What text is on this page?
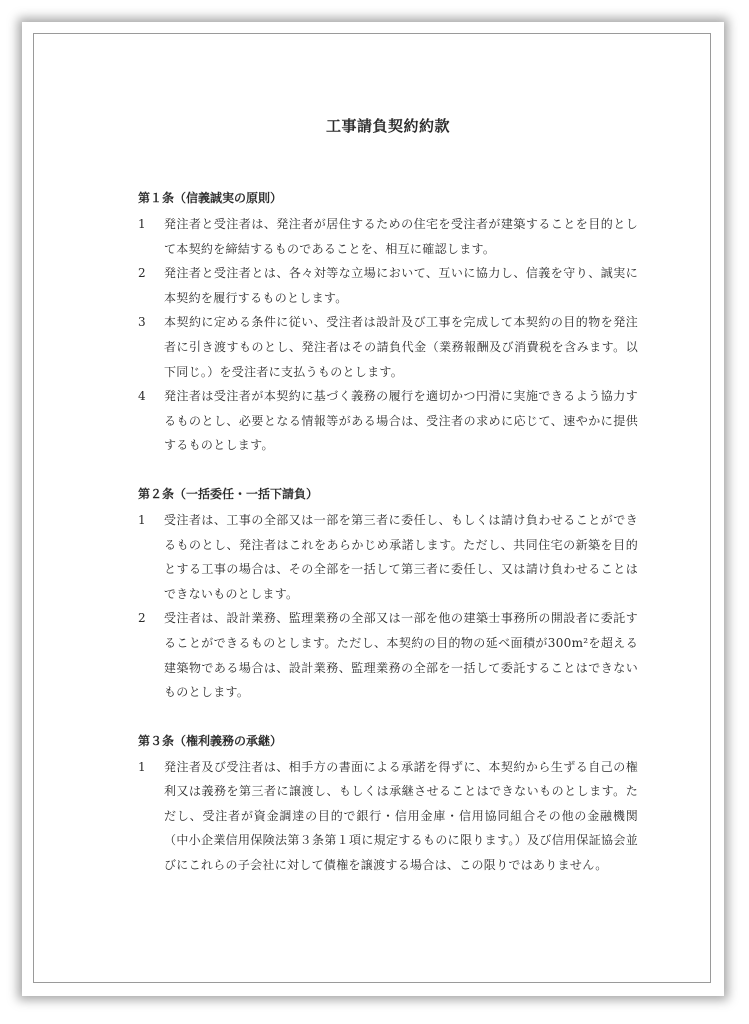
工事請負契約約款
第１条（信義誠実の原則）

1	発注者と受注者は、発注者が居住するための住宅を受注者が建築することを目的として本契約を締結するものであることを、相互に確認します。

2	発注者と受注者とは、各々対等な立場において、互いに協力し、信義を守り、誠実に本契約を履行するものとします。

3	本契約に定める条件に従い、受注者は設計及び工事を完成して本契約の目的物を発注者に引き渡すものとし、発注者はその請負代金（業務報酬及び消費税を含みます。以下同じ。）を受注者に支払うものとします。

4	発注者は受注者が本契約に基づく義務の履行を適切かつ円滑に実施できるよう協力するものとし、必要となる情報等がある場合は、受注者の求めに応じて、速やかに提供するものとします。

第２条（一括委任・一括下請負）

1	受注者は、工事の全部又は一部を第三者に委任し、もしくは請け負わせることができるものとし、発注者はこれをあらかじめ承諾します。ただし、共同住宅の新築を目的とする工事の場合は、その全部を一括して第三者に委任し、又は請け負わせることはできないものとします。

2	受注者は、設計業務、監理業務の全部又は一部を他の建築士事務所の開設者に委託することができるものとします。ただし、本契約の目的物の延べ面積が300m²を超える建築物である場合は、設計業務、監理業務の全部を一括して委託することはできないものとします。

第３条（権利義務の承継）

1	発注者及び受注者は、相手方の書面による承諾を得ずに、本契約から生ずる自己の権利又は義務を第三者に譲渡し、もしくは承継させることはできないものとします。ただし、受注者が資金調達の目的で銀行・信用金庫・信用協同組合その他の金融機関（中小企業信用保険法第３条第１項に規定するものに限ります。）及び信用保証協会並びにこれらの子会社に対して債権を譲渡する場合は、この限りではありません。
